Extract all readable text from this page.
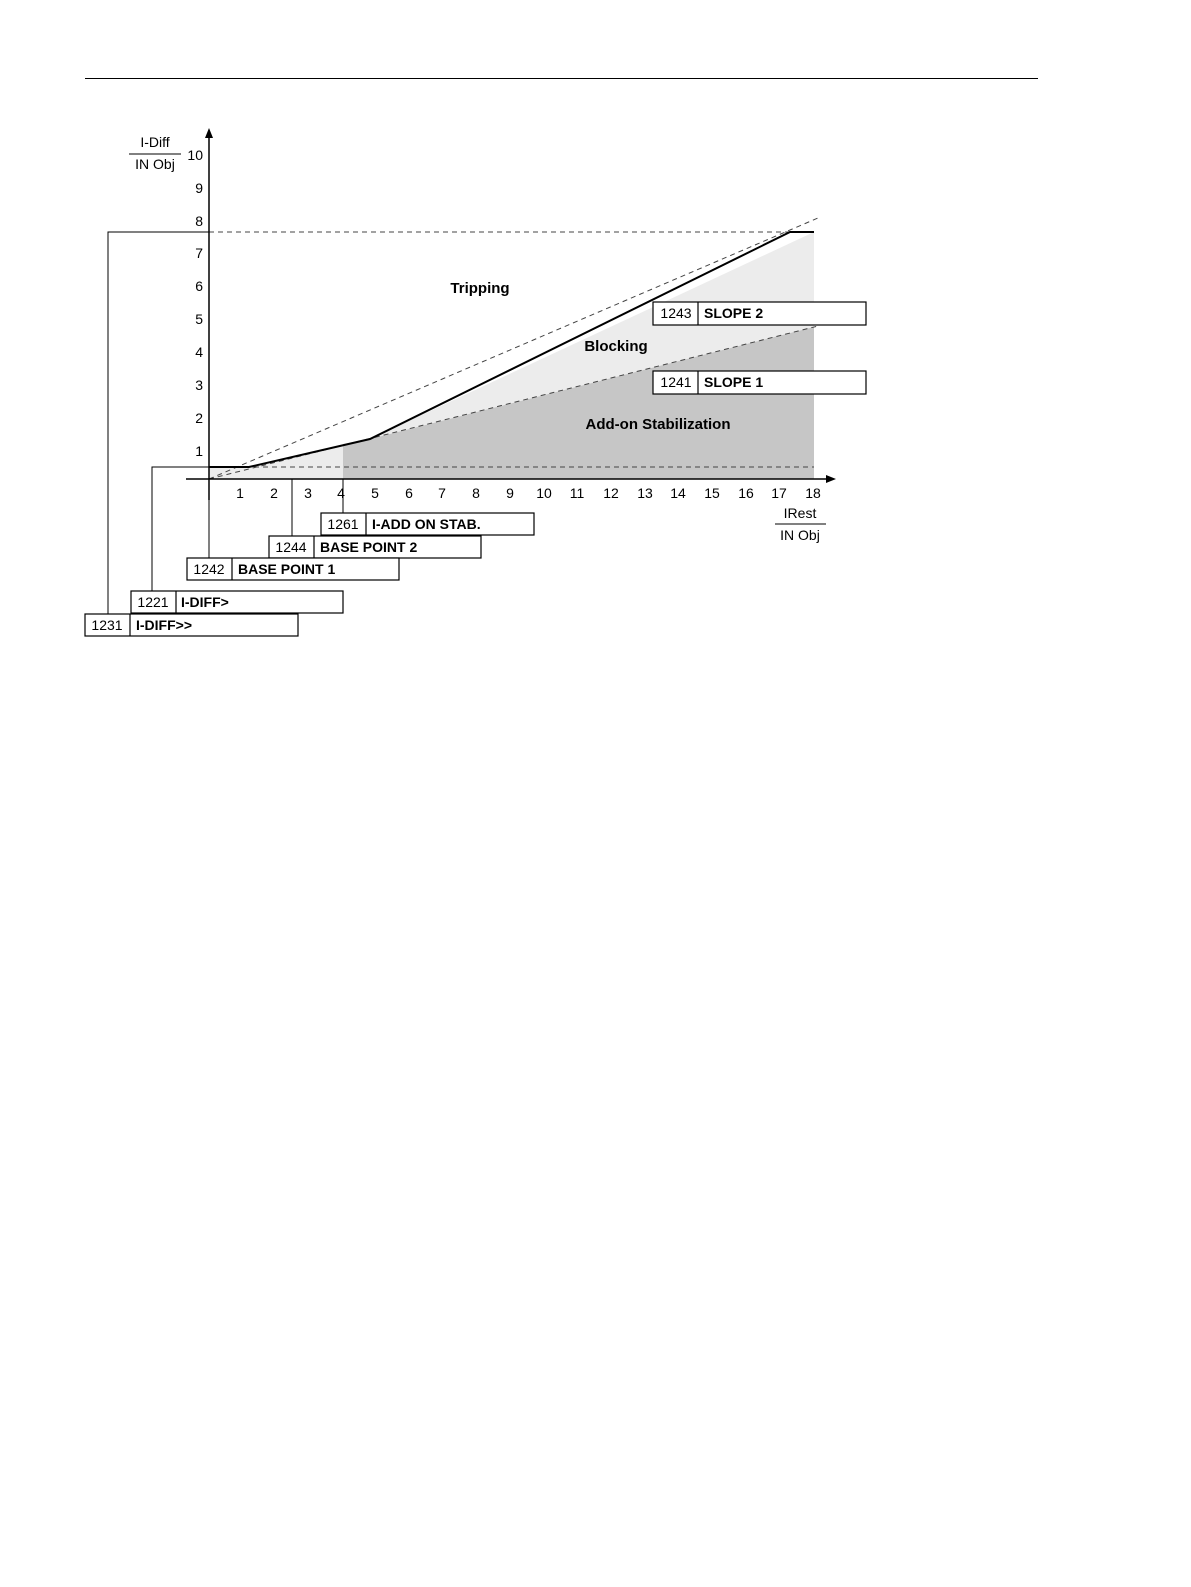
I-Diff
IN Obj
1
2
3
4
5
6
7
8
9
10
1 2 3 4 5 6 7 8 9 10 11 12 13 14 15 16 17 18
IRest
IN Obj
Tripping
Blocking
Add-on Stabilization
1243 SLOPE 2
1241 SLOPE 1
1261 I-ADD ON STAB.
1244 BASE POINT 2
1242 BASE POINT 1
1221 I-DIFF>
1231 I-DIFF>>
